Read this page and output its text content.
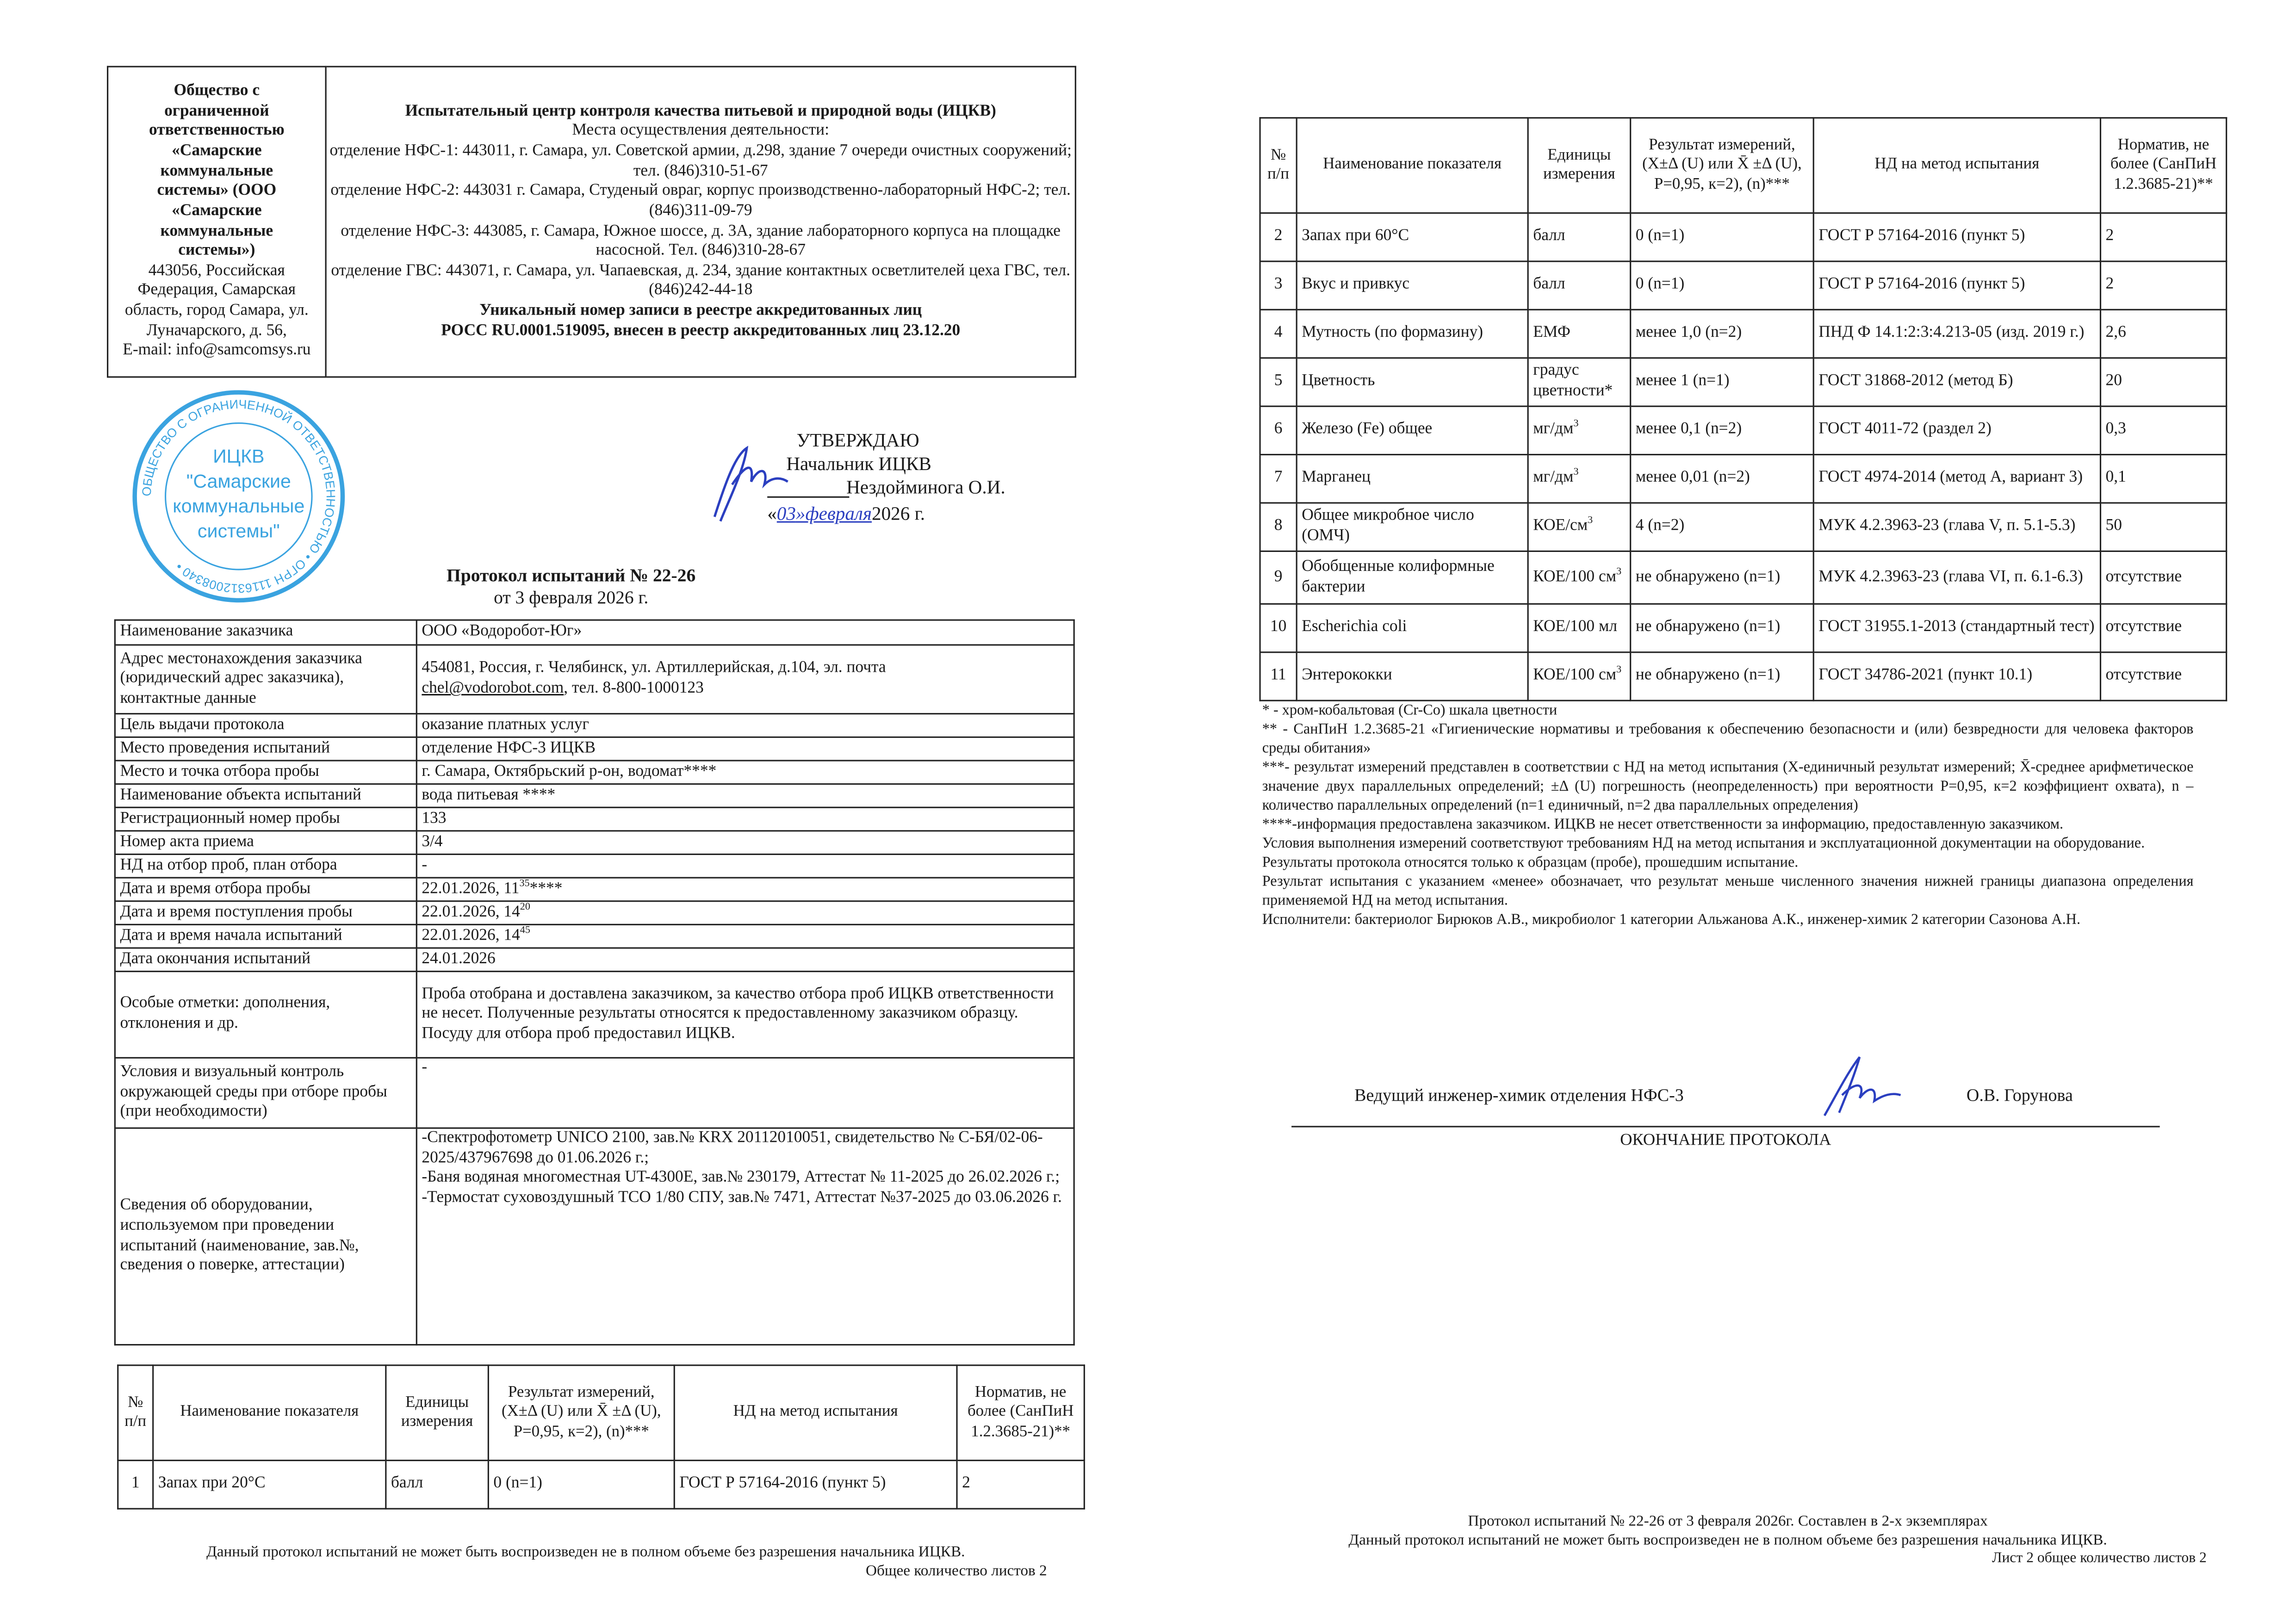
Общество с
ограниченной
ответственностью
«Самарские
коммунальные
системы» (ООО
«Самарские
коммунальные
системы»)
443056, Российская
Федерация, Самарская
область, город Самара, ул.
Луначарского, д. 56,
E-mail: info@samcomsys.ru

Испытательный центр контроля качества питьевой и природной воды (ИЦКВ)
Места осуществления деятельности:
отделение НФС-1: 443011, г. Самара, ул. Советской армии, д.298, здание 7 очереди очистных сооружений; тел. (846)310-51-67
отделение НФС-2: 443031 г. Самара, Студеный овраг, корпус производственно-лабораторный НФС-2; тел. (846)311-09-79
отделение НФС-3: 443085, г. Самара, Южное шоссе, д. 3А, здание лабораторного корпуса на площадке насосной. Тел. (846)310-28-67
отделение ГВС: 443071, г. Самара, ул. Чапаевская, д. 234, здание контактных осветлителей цеха ГВС, тел. (846)242-44-18
Уникальный номер записи в реестре аккредитованных лиц
РОСС RU.0001.519095, внесен в реестр аккредитованных лиц 23.12.20
ОБЩЕСТВО С ОГРАНИЧЕННОЙ ОТВЕТСТВЕННОСТЬЮ • ОГРН 1116312008340 •
ИЦКВ
"Самарские
коммунальные
системы"
УТВЕРЖДАЮ
Начальник ИЦКВ
Нездойминога О.И.
«03»февраля2026 г.
Протокол испытаний № 22-26
от 3 февраля 2026 г.
Наименование заказчика	ООО «Водоробот-Юг»
Адрес местонахождения заказчика (юридический адрес заказчика), контактные данные	454081, Россия, г. Челябинск, ул. Артиллерийская, д.104, эл. почта
chel@vodorobot.com, тел. 8-800-1000123
Цель выдачи протокола	оказание платных услуг
Место проведения испытаний	отделение НФС-3 ИЦКВ
Место и точка отбора пробы	г. Самара, Октябрьский р-он, водомат****
Наименование объекта испытаний	вода питьевая ****
Регистрационный номер пробы	133
Номер акта приема	3/4
НД на отбор проб, план отбора	-
Дата и время отбора пробы	22.01.2026, $11^{35}****$
Дата и время поступления пробы	22.01.2026, $14^{20}$
Дата и время начала испытаний	22.01.2026, $14^{45}$
Дата окончания испытаний	24.01.2026
Особые отметки: дополнения, отклонения и др.	Проба отобрана и доставлена заказчиком, за качество отбора проб ИЦКВ ответственности не несет. Полученные результаты относятся к предоставленному заказчиком образцу. Посуду для отбора проб предоставил ИЦКВ.
Условия и визуальный контроль окружающей среды при отборе пробы (при необходимости)	-
Сведения об оборудовании, используемом при проведении испытаний (наименование, зав.№, сведения о поверке, аттестации)	-Спектрофотометр UNICO 2100, зав.№ KRX 20112010051, свидетельство № С-БЯ/02-06-2025/437967698 до 01.06.2026 г.;
-Баня водяная многоместная UT-4300E, зав.№ 230179, Аттестат № 11-2025 до 26.02.2026 г.;
-Термостат суховоздушный ТСО 1/80 СПУ, зав.№ 7471, Аттестат №37-2025 до 03.06.2026 г.
№ п/п	Наименование показателя	Единицы измерения	Результат измерений, (X±Δ (U) или X̄ ±Δ (U), P=0,95, к=2), (n)***	НД на метод испытания	Норматив, не более (СанПиН 1.2.3685-21)**
1	Запах при 20°С	балл	0 (n=1)	ГОСТ Р 57164-2016 (пункт 5)	2
Данный протокол испытаний не может быть воспроизведен не в полном объеме без разрешения начальника ИЦКВ.
Общее количество листов 2
№ п/п	Наименование показателя	Единицы измерения	Результат измерений, (X±Δ (U) или X̄ ±Δ (U), P=0,95, к=2), (n)***	НД на метод испытания	Норматив, не более (СанПиН 1.2.3685-21)**
2	Запах при 60°С	балл	0 (n=1)	ГОСТ Р 57164-2016 (пункт 5)	2
3	Вкус и привкус	балл	0 (n=1)	ГОСТ Р 57164-2016 (пункт 5)	2
4	Мутность (по формазину)	ЕМФ	менее 1,0 (n=2)	ПНД Ф 14.1:2:3:4.213-05 (изд. 2019 г.)	2,6
5	Цветность	градус цветности*	менее 1 (n=1)	ГОСТ 31868-2012 (метод Б)	20
6	Железо (Fe) общее	$мг/дм^3$	менее 0,1 (n=2)	ГОСТ 4011-72 (раздел 2)	0,3
7	Марганец	$мг/дм^3$	менее 0,01 (n=2)	ГОСТ 4974-2014 (метод А, вариант 3)	0,1
8	Общее микробное число (ОМЧ)	КОЕ/$см^3$	4 (n=2)	МУК 4.2.3963-23 (глава V, п. 5.1-5.3)	50
9	Обобщенные колиформные бактерии	КОЕ/100 $см^3$	не обнаружено (n=1)	МУК 4.2.3963-23 (глава VI, п. 6.1-6.3)	отсутствие
10	Escherichia coli	КОЕ/100 мл	не обнаружено (n=1)	ГОСТ 31955.1-2013 (стандартный тест)	отсутствие
11	Энтерококки	КОЕ/100 $см^3$	не обнаружено (n=1)	ГОСТ 34786-2021 (пункт 10.1)	отсутствие
* - хром-кобальтовая (Cr-Co) шкала цветности
** - СанПиН 1.2.3685-21 «Гигиенические нормативы и требования к обеспечению безопасности и (или) безвредности для человека факторов среды обитания»
***- результат измерений представлен в соответствии с НД на метод испытания (Х-единичный результат измерений; X̄-среднее арифметическое значение двух параллельных определений; ±Δ (U) погрешность (неопределенность) при вероятности P=0,95, к=2 коэффициент охвата), n – количество параллельных определений (n=1 единичный, n=2 два параллельных определения)
****-информация предоставлена заказчиком. ИЦКВ не несет ответственности за информацию, предоставленную заказчиком.
Условия выполнения измерений соответствуют требованиям НД на метод испытания и эксплуатационной документации на оборудование.
Результаты протокола относятся только к образцам (пробе), прошедшим испытание.
Результат испытания с указанием «менее» обозначает, что результат меньше численного значения нижней границы диапазона определения применяемой НД на метод испытания.
Исполнители: бактериолог Бирюков А.В., микробиолог 1 категории Альжанова А.К., инженер-химик 2 категории Сазонова А.Н.
Ведущий инженер-химик отделения НФС-3	О.В. Горунова
ОКОНЧАНИЕ ПРОТОКОЛА
Протокол испытаний № 22-26 от 3 февраля 2026г. Составлен в 2-х экземплярах
Данный протокол испытаний не может быть воспроизведен не в полном объеме без разрешения начальника ИЦКВ.
Лист 2 общее количество листов 2
